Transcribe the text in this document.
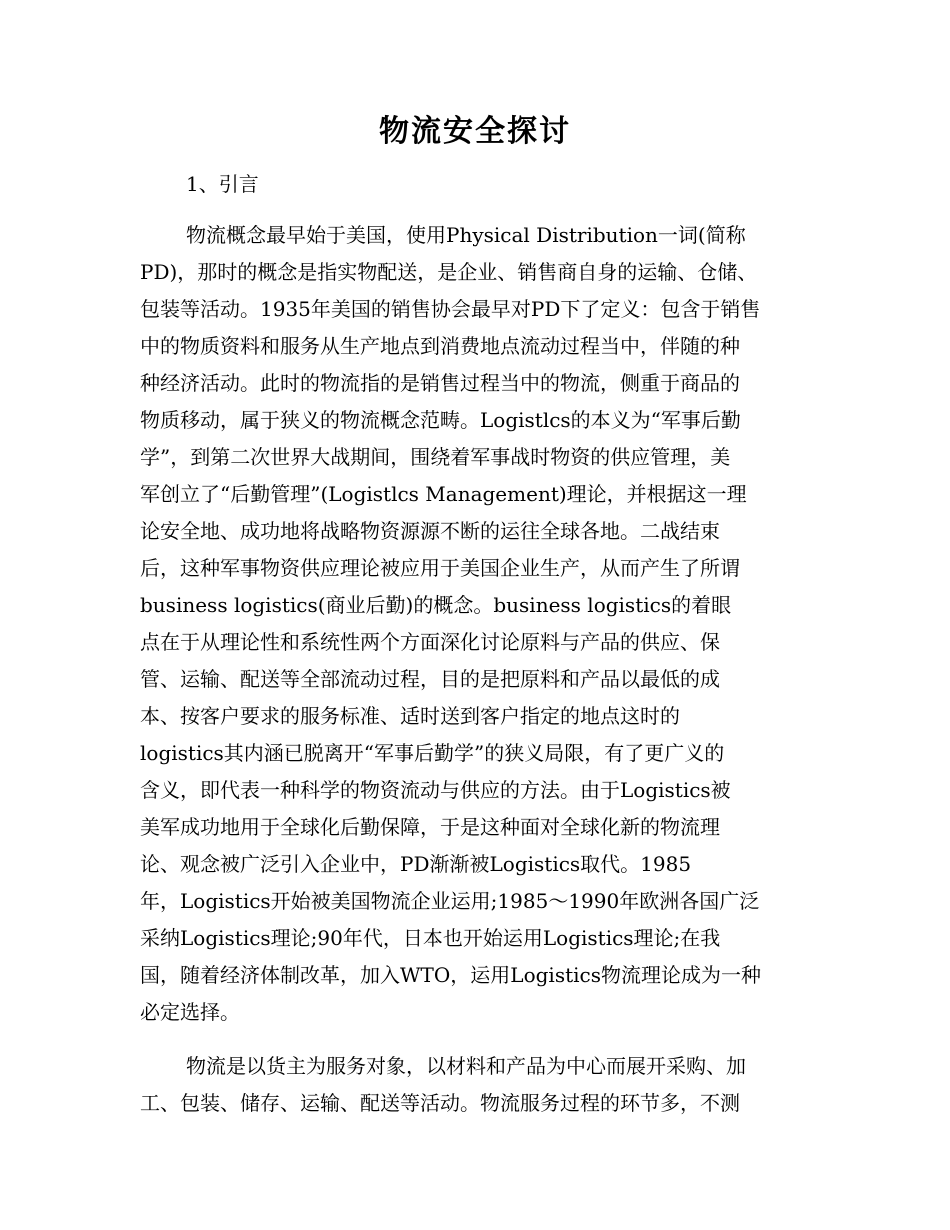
物流安全探讨
1、引言
物流概念最早始于美国，使用Physical Distribution一词(简称
PD)，那时的概念是指实物配送，是企业、销售商自身的运输、仓储、
包装等活动。1935年美国的销售协会最早对PD下了定义：包含于销售
中的物质资料和服务从生产地点到消费地点流动过程当中，伴随的种
种经济活动。此时的物流指的是销售过程当中的物流，侧重于商品的
物质移动，属于狭义的物流概念范畴。Logistlcs的本义为“军事后勤
学”，到第二次世界大战期间，围绕着军事战时物资的供应管理，美
军创立了“后勤管理”(Logistlcs Management)理论，并根据这一理
论安全地、成功地将战略物资源源不断的运往全球各地。二战结束
后，这种军事物资供应理论被应用于美国企业生产，从而产生了所谓
business logistics(商业后勤)的概念。business logistics的着眼
点在于从理论性和系统性两个方面深化讨论原料与产品的供应、保
管、运输、配送等全部流动过程，目的是把原料和产品以最低的成
本、按客户要求的服务标准、适时送到客户指定的地点这时的
logistics其内涵已脱离开“军事后勤学”的狭义局限，有了更广义的
含义，即代表一种科学的物资流动与供应的方法。由于Logistics被
美军成功地用于全球化后勤保障，于是这种面对全球化新的物流理
论、观念被广泛引入企业中，PD渐渐被Logistics取代。1985
年，Logistics开始被美国物流企业运用;1985～1990年欧洲各国广泛
采纳Logistics理论;90年代，日本也开始运用Logistics理论;在我
国，随着经济体制改革，加入WTO，运用Logistics物流理论成为一种
必定选择。
物流是以货主为服务对象，以材料和产品为中心而展开采购、加
工、包装、储存、运输、配送等活动。物流服务过程的环节多，不测
